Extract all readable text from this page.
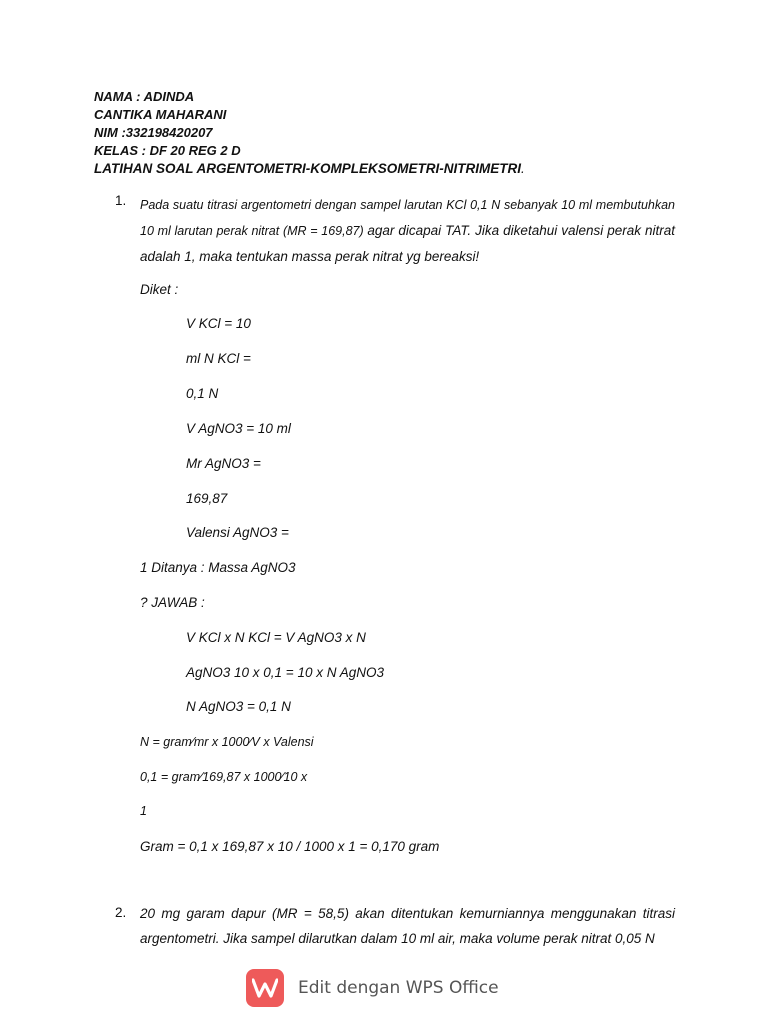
NAMA : ADINDA
CANTIKA MAHARANI
NIM :332198420207
KELAS : DF 20 REG 2 D
LATIHAN SOAL ARGENTOMETRI-KOMPLEKSOMETRI-NITRIMETRI.
1. Pada suatu titrasi argentometri dengan sampel larutan KCl 0,1 N sebanyak 10 ml membutuhkan 10 ml larutan perak nitrat (MR = 169,87) agar dicapai TAT. Jika diketahui valensi perak nitrat adalah 1, maka tentukan massa perak nitrat yg bereaksi!
Diket :
V KCl = 10
ml N KCl =
0,1 N
V AgNO3 = 10 ml
Mr AgNO3 =
169,87
Valensi AgNO3 =
1 Ditanya : Massa AgNO3
? JAWAB :
V KCl x N KCl = V AgNO3 x N
AgNO3 10 x 0,1 = 10 x N AgNO3
N AgNO3 = 0,1 N
N = gram⁄mr x 1000⁄V x Valensi
0,1 = gram⁄169,87 x 1000⁄10 x
1
Gram = 0,1 x 169,87 x 10 / 1000 x 1 = 0,170 gram
2. 20 mg garam dapur (MR = 58,5) akan ditentukan kemurniannya menggunakan titrasi argentometri. Jika sampel dilarutkan dalam 10 ml air, maka volume perak nitrat 0,05 N
Edit dengan WPS Office
